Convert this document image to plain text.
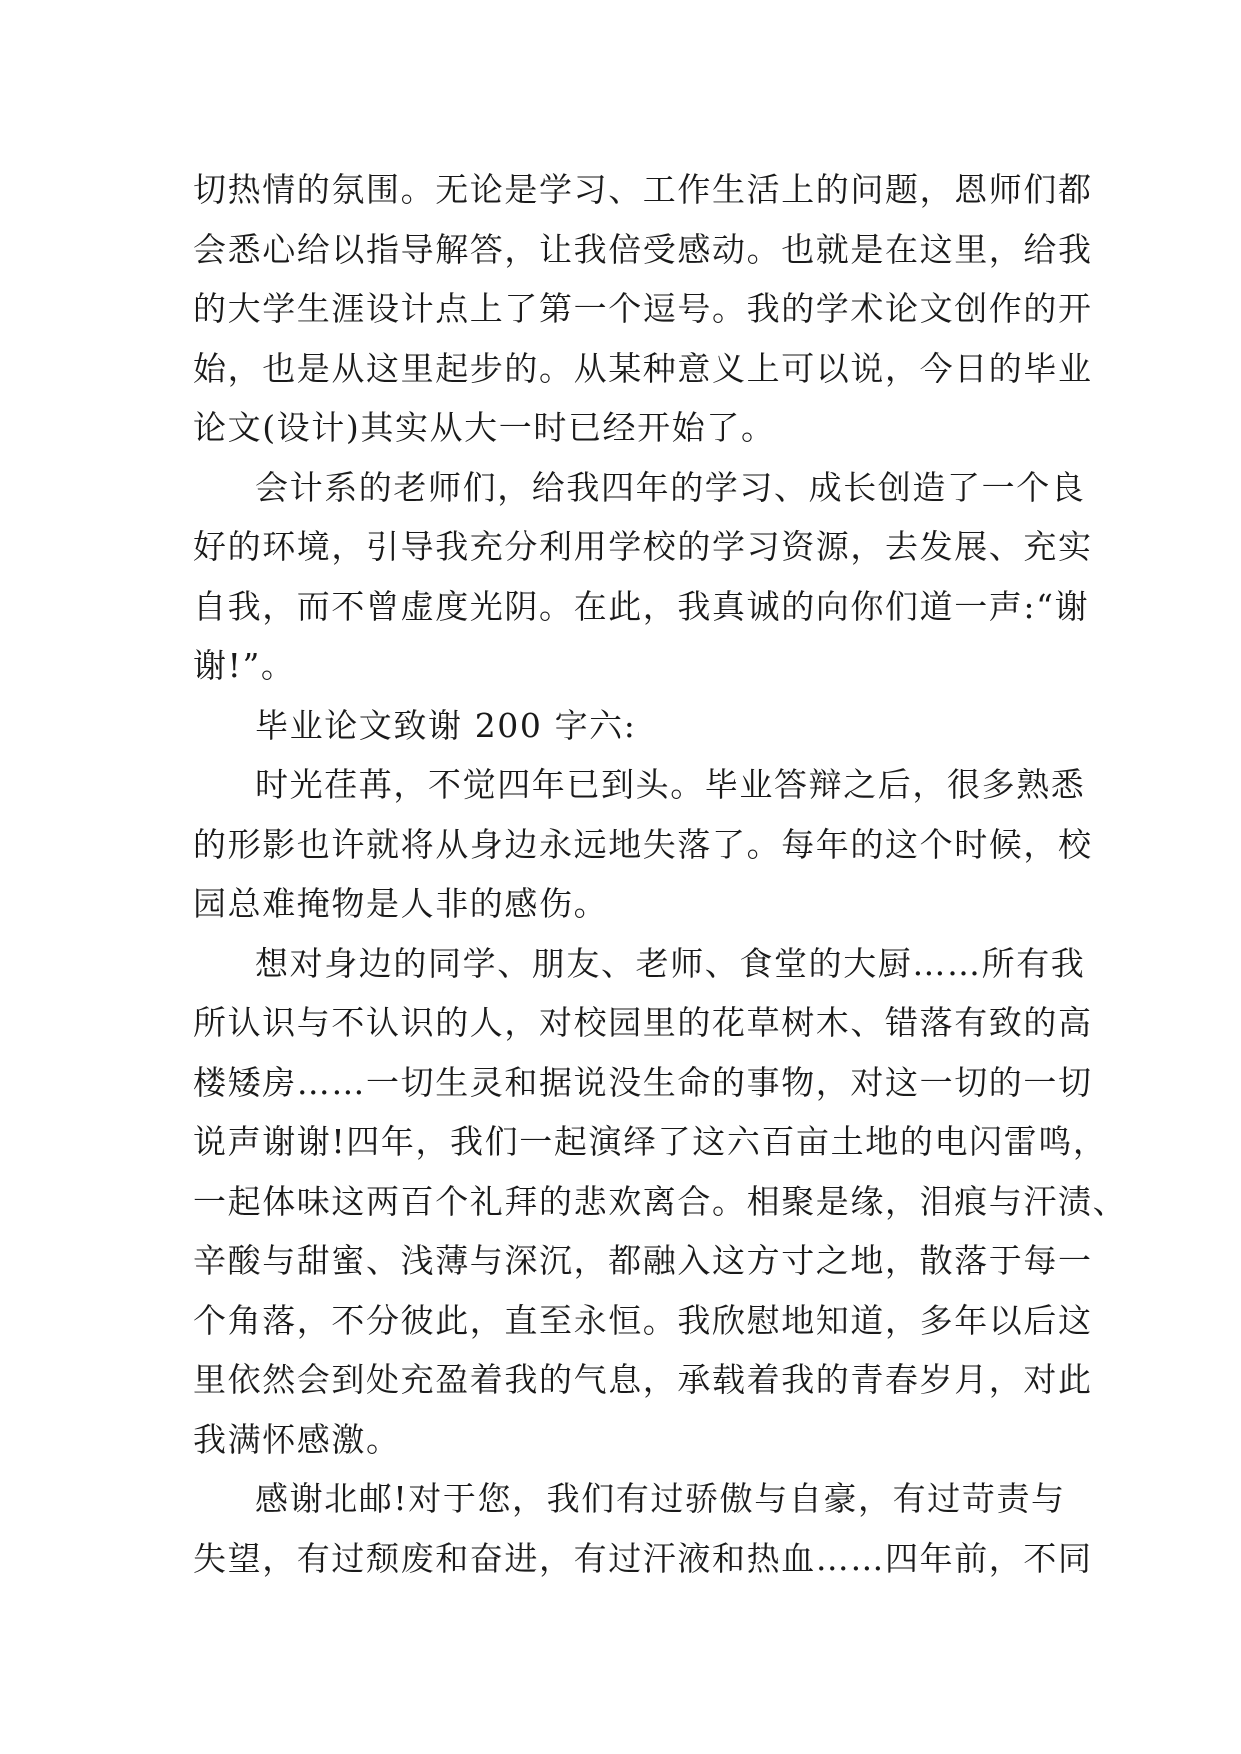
切热情的氛围。无论是学习、工作生活上的问题，恩师们都
会悉心给以指导解答，让我倍受感动。也就是在这里，给我
的大学生涯设计点上了第一个逗号。我的学术论文创作的开
始，也是从这里起步的。从某种意义上可以说，今日的毕业
论文(设计)其实从大一时已经开始了。
会计系的老师们，给我四年的学习、成长创造了一个良
好的环境，引导我充分利用学校的学习资源，去发展、充实
自我，而不曾虚度光阴。在此，我真诚的向你们道一声:“谢
谢!”。
毕业论文致谢 200 字六:
时光荏苒，不觉四年已到头。毕业答辩之后，很多熟悉
的形影也许就将从身边永远地失落了。每年的这个时候，校
园总难掩物是人非的感伤。
想对身边的同学、朋友、老师、食堂的大厨……所有我
所认识与不认识的人，对校园里的花草树木、错落有致的高
楼矮房……一切生灵和据说没生命的事物，对这一切的一切
说声谢谢!四年，我们一起演绎了这六百亩土地的电闪雷鸣，
一起体味这两百个礼拜的悲欢离合。相聚是缘，泪痕与汗渍、
辛酸与甜蜜、浅薄与深沉，都融入这方寸之地，散落于每一
个角落，不分彼此，直至永恒。我欣慰地知道，多年以后这
里依然会到处充盈着我的气息，承载着我的青春岁月，对此
我满怀感激。
感谢北邮!对于您，我们有过骄傲与自豪，有过苛责与
失望，有过颓废和奋进，有过汗液和热血……四年前，不同
